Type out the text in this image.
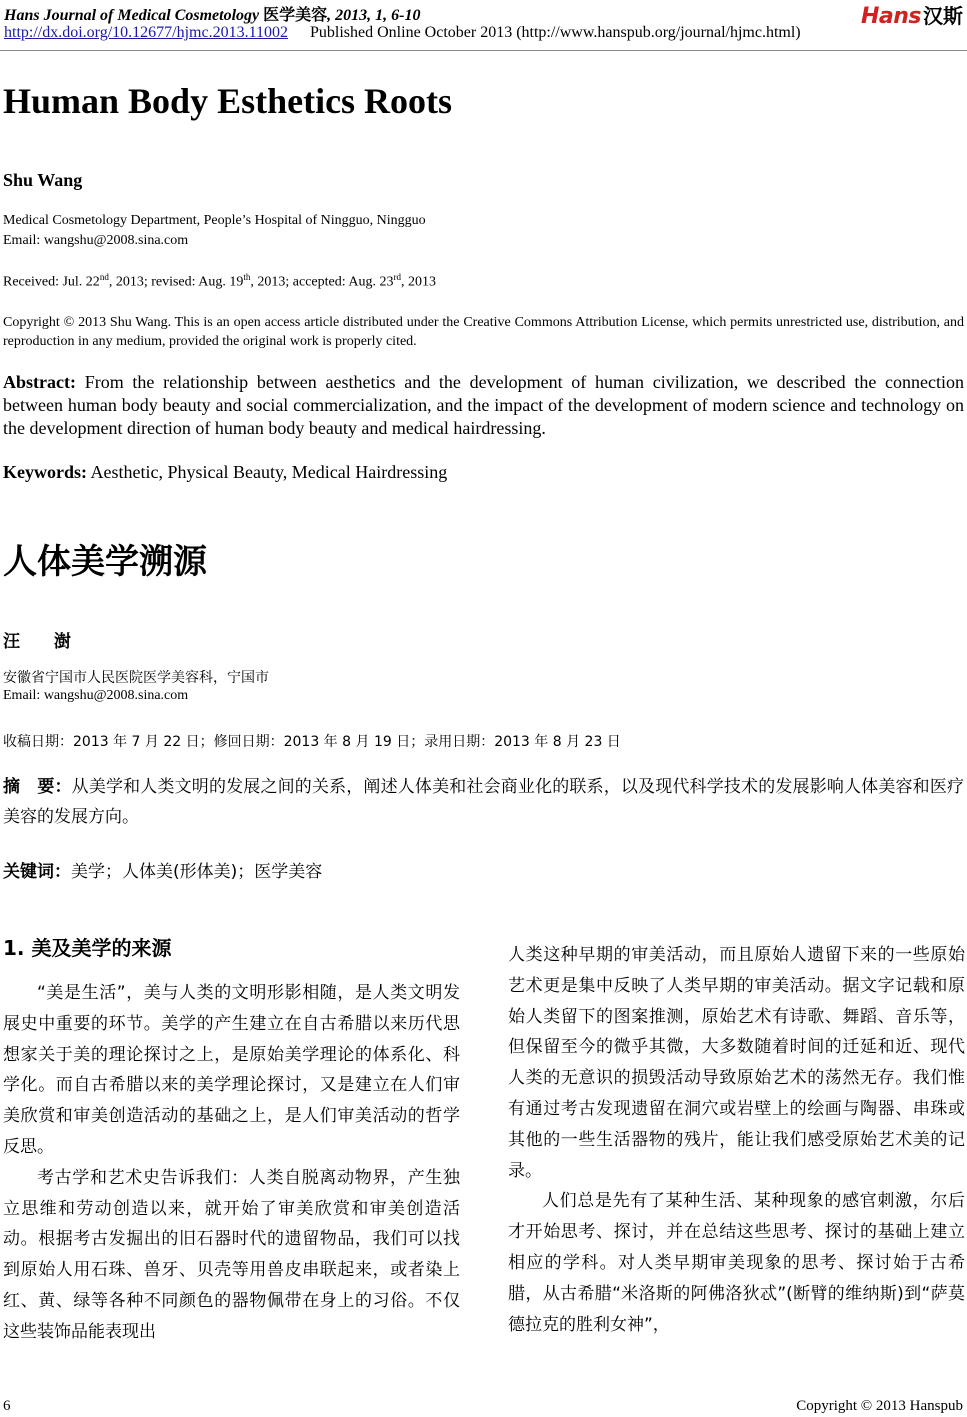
Hans Journal of Medical Cosmetology 医学美容, 2013, 1, 6-10
http://dx.doi.org/10.12677/hjmc.2013.11002 Published Online October 2013 (http://www.hanspub.org/journal/hjmc.html)
Hans 汉斯
Human Body Esthetics Roots
Shu Wang
Medical Cosmetology Department, People’s Hospital of Ningguo, Ningguo
Email: wangshu@2008.sina.com
Received: Jul. 22nd, 2013; revised: Aug. 19th, 2013; accepted: Aug. 23rd, 2013
Copyright © 2013 Shu Wang. This is an open access article distributed under the Creative Commons Attribution License, which permits unrestricted use, distribution, and reproduction in any medium, provided the original work is properly cited.
Abstract: From the relationship between aesthetics and the development of human civilization, we described the connection between human body beauty and social commercialization, and the impact of the development of modern science and technology on the development direction of human body beauty and medical hairdressing.
Keywords: Aesthetic, Physical Beauty, Medical Hairdressing
人体美学溯源
汪 澍
安徽省宁国市人民医院医学美容科，宁国市
Email: wangshu@2008.sina.com
收稿日期：2013 年 7 月 22 日；修回日期：2013 年 8 月 19 日；录用日期：2013 年 8 月 23 日
摘　要：从美学和人类文明的发展之间的关系，阐述人体美和社会商业化的联系，以及现代科学技术的发展影响人体美容和医疗美容的发展方向。
关键词：美学；人体美(形体美)；医学美容
1. 美及美学的来源

“美是生活”，美与人类的文明形影相随，是人类文明发展史中重要的环节。美学的产生建立在自古希腊以来历代思想家关于美的理论探讨之上，是原始美学理论的体系化、科学化。而自古希腊以来的美学理论探讨，又是建立在人们审美欣赏和审美创造活动的基础之上，是人们审美活动的哲学反思。

考古学和艺术史告诉我们：人类自脱离动物界，产生独立思维和劳动创造以来，就开始了审美欣赏和审美创造活动。根据考古发掘出的旧石器时代的遗留物品，我们可以找到原始人用石珠、兽牙、贝壳等用兽皮串联起来，或者染上红、黄、绿等各种不同颜色的器物佩带在身上的习俗。不仅这些装饰品能表现出

人类这种早期的审美活动，而且原始人遗留下来的一些原始艺术更是集中反映了人类早期的审美活动。据文字记载和原始人类留下的图案推测，原始艺术有诗歌、舞蹈、音乐等，但保留至今的微乎其微，大多数随着时间的迁延和近、现代人类的无意识的损毁活动导致原始艺术的荡然无存。我们惟有通过考古发现遗留在洞穴或岩壁上的绘画与陶器、串珠或其他的一些生活器物的残片，能让我们感受原始艺术美的记录。

人们总是先有了某种生活、某种现象的感官刺激，尔后才开始思考、探讨，并在总结这些思考、探讨的基础上建立相应的学科。对人类早期审美现象的思考、探讨始于古希腊，从古希腊“米洛斯的阿佛洛狄忒”(断臂的维纳斯)到“萨莫德拉克的胜利女神”，

6	Copyright © 2013 Hanspub
